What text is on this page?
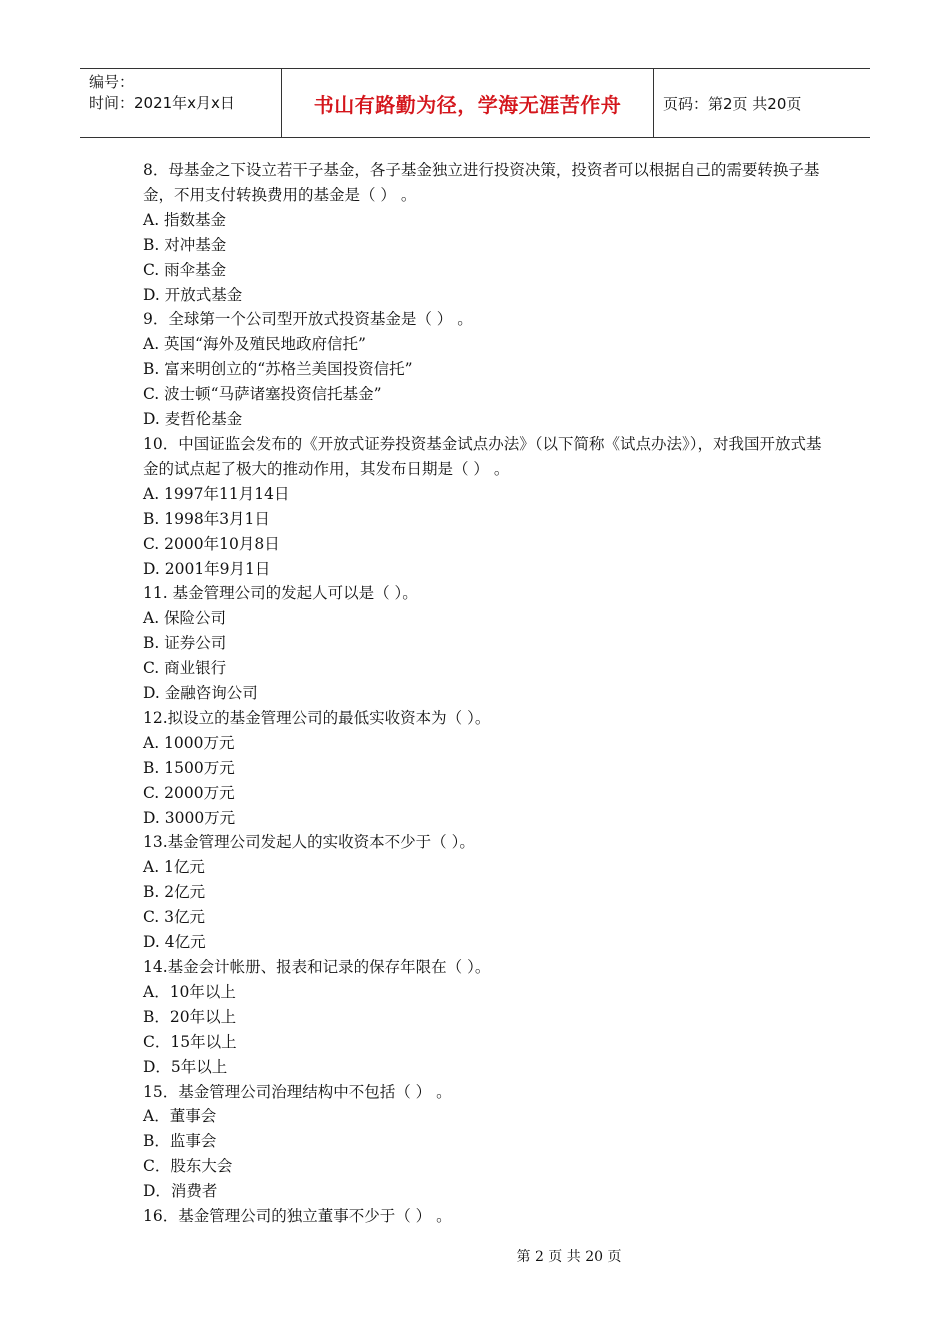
编号：
时间：2021年x月x日	书山有路勤为径，学海无涯苦作舟	页码：第2页 共20页

8．母基金之下设立若干子基金，各子基金独立进行投资决策，投资者可以根据自己的需要转换子基金，不用支付转换费用的基金是（ ） 。

A. 指数基金

B. 对冲基金

C. 雨伞基金

D. 开放式基金

9．全球第一个公司型开放式投资基金是（ ） 。

A. 英国“海外及殖民地政府信托”

B. 富来明创立的“苏格兰美国投资信托”

C. 波士顿“马萨诸塞投资信托基金”

D. 麦哲伦基金

10．中国证监会发布的《开放式证券投资基金试点办法》（以下简称《试点办法》），对我国开放式基金的试点起了极大的推动作用，其发布日期是（ ） 。

A. 1997年11月14日

B. 1998年3月1日

C. 2000年10月8日

D. 2001年9月1日

11. 基金管理公司的发起人可以是（ ）。

A. 保险公司

B. 证券公司

C. 商业银行

D. 金融咨询公司

12.拟设立的基金管理公司的最低实收资本为（ ）。

A. 1000万元

B. 1500万元

C. 2000万元

D. 3000万元

13.基金管理公司发起人的实收资本不少于（ ）。

A. 1亿元

B. 2亿元

C. 3亿元

D. 4亿元

14.基金会计帐册、报表和记录的保存年限在（ ）。

A．10年以上

B．20年以上

C．15年以上

D．5年以上

15．基金管理公司治理结构中不包括（ ） 。

A．董事会

B．监事会

C．股东大会

D．消费者

16．基金管理公司的独立董事不少于（ ） 。

第 2 页 共 20 页
